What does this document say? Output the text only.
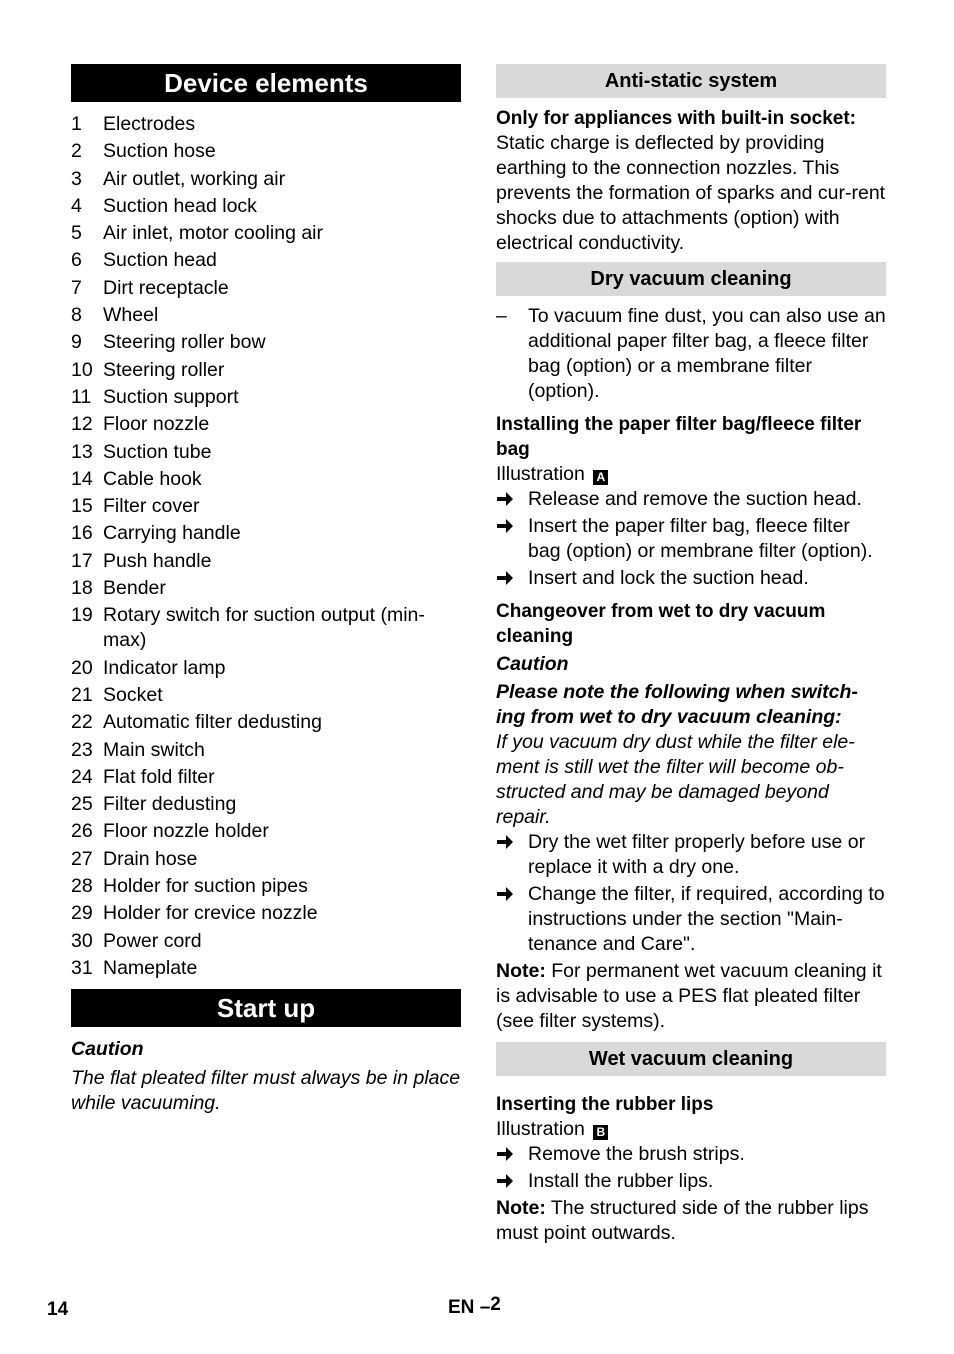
Device elements
1	Electrodes
2	Suction hose
3	Air outlet, working air
4	Suction head lock
5	Air inlet, motor cooling air
6	Suction head
7	Dirt receptacle
8	Wheel
9	Steering roller bow
10 Steering roller
11 Suction support
12 Floor nozzle
13 Suction tube
14 Cable hook
15 Filter cover
16 Carrying handle
17 Push handle
18 Bender
19 Rotary switch for suction output (min-max)
20 Indicator lamp
21 Socket
22 Automatic filter dedusting
23 Main switch
24 Flat fold filter
25 Filter dedusting
26 Floor nozzle holder
27 Drain hose
28 Holder for suction pipes
29 Holder for crevice nozzle
30 Power cord
31 Nameplate
Start up

Caution

The flat pleated filter must always be in place while vacuuming.

Anti-static system

Only for appliances with built-in socket:

Static charge is deflected by providing earthing to the connection nozzles. This prevents the formation of sparks and cur-rent shocks due to attachments (option) with electrical conductivity.

Dry vacuum cleaning
–	To vacuum fine dust, you can also use an additional paper filter bag, a fleece filter bag (option) or a membrane filter (option).

Installing the paper filter bag/fleece filter bag

Illustration A

Release and remove the suction head.
Insert the paper filter bag, fleece filter bag (option) or membrane filter (option).
Insert and lock the suction head.

Changeover from wet to dry vacuum cleaning

Caution

Please note the following when switch-ing from wet to dry vacuum cleaning:

If you vacuum dry dust while the filter ele-ment is still wet the filter will become ob-structed and may be damaged beyond repair.

Dry the wet filter properly before use or replace it with a dry one.
Change the filter, if required, according to instructions under the section "Main-tenance and Care".

Note: For permanent wet vacuum cleaning it is advisable to use a PES flat pleated filter (see filter systems).

Wet vacuum cleaning

Inserting the rubber lips

Illustration B

Remove the brush strips.
Install the rubber lips.

Note: The structured side of the rubber lips must point outwards.

14	EN –2
